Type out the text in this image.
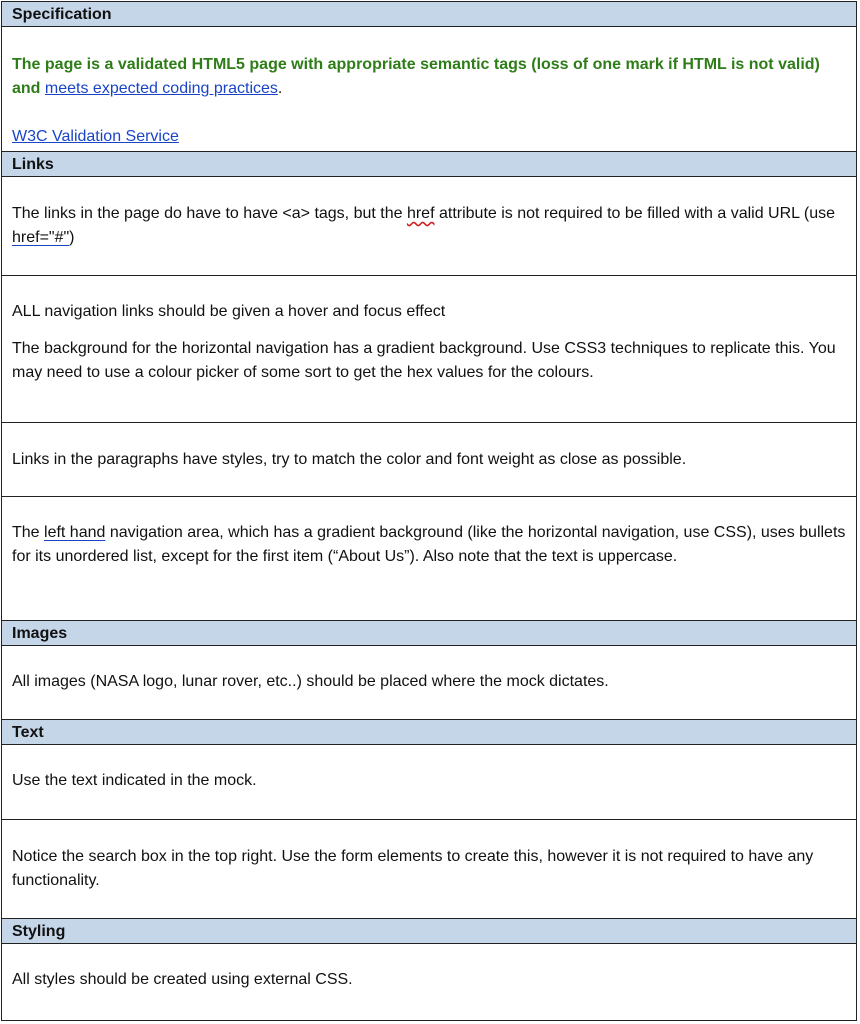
Specification

The page is a validated HTML5 page with appropriate semantic tags (loss of one mark if HTML is not valid) and meets expected coding practices.

W3C Validation Service

Links

The links in the page do have to have <a> tags, but the href attribute is not required to be filled with a valid URL (use href="#")

ALL navigation links should be given a hover and focus effect

The background for the horizontal navigation has a gradient background. Use CSS3 techniques to replicate this. You may need to use a colour picker of some sort to get the hex values for the colours.

Links in the paragraphs have styles, try to match the color and font weight as close as possible.

The left hand navigation area, which has a gradient background (like the horizontal navigation, use CSS), uses bullets for its unordered list, except for the first item (“About Us”). Also note that the text is uppercase.

Images

All images (NASA logo, lunar rover, etc..) should be placed where the mock dictates.

Text

Use the text indicated in the mock.

Notice the search box in the top right. Use the form elements to create this, however it is not required to have any functionality.

Styling

All styles should be created using external CSS.
